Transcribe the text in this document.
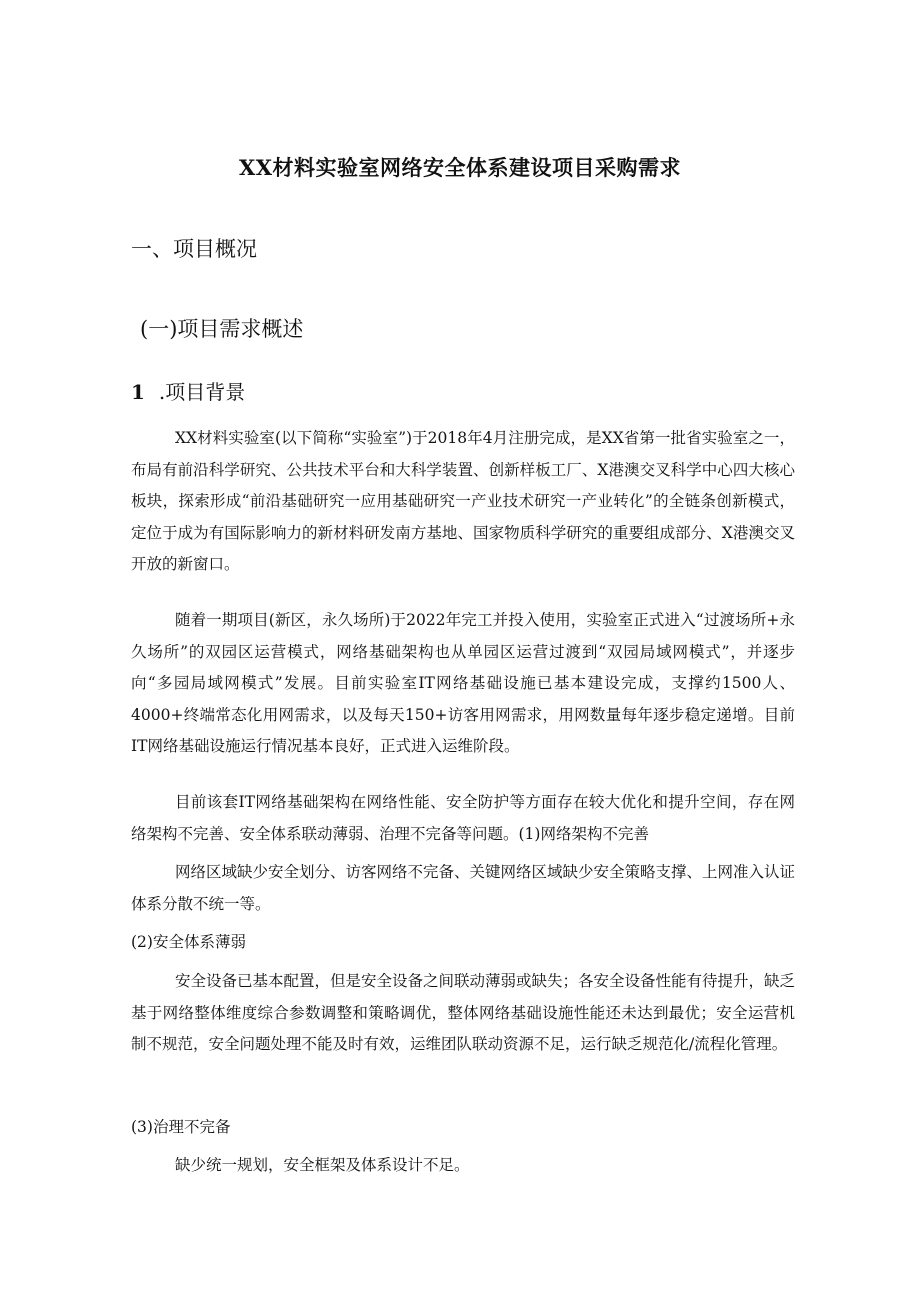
XX材料实验室网络安全体系建设项目采购需求
一、项目概况
(一)项目需求概述
1 .项目背景

XX材料实验室(以下简称“实验室”)于2018年4月注册完成，是XX省第一批省实验室之一，布局有前沿科学研究、公共技术平台和大科学装置、创新样板工厂、X港澳交叉科学中心四大核心板块，探索形成“前沿基础研究一应用基础研究一产业技术研究一产业转化”的全链条创新模式，定位于成为有国际影响力的新材料研发南方基地、国家物质科学研究的重要组成部分、X港澳交叉开放的新窗口。

随着一期项目(新区，永久场所)于2022年完工并投入使用，实验室正式进入“过渡场所+永久场所”的双园区运营模式，网络基础架构也从单园区运营过渡到“双园局域网模式”，并逐步向“多园局域网模式”发展。目前实验室IT网络基础设施已基本建设完成，支撑约1500人、4000+终端常态化用网需求，以及每天150+访客用网需求，用网数量每年逐步稳定递增。目前IT网络基础设施运行情况基本良好，正式进入运维阶段。

目前该套IT网络基础架构在网络性能、安全防护等方面存在较大优化和提升空间，存在网络架构不完善、安全体系联动薄弱、治理不完备等问题。(1)网络架构不完善

网络区域缺少安全划分、访客网络不完备、关键网络区域缺少安全策略支撑、上网准入认证体系分散不统一等。

(2)安全体系薄弱

安全设备已基本配置，但是安全设备之间联动薄弱或缺失；各安全设备性能有待提升，缺乏基于网络整体维度综合参数调整和策略调优，整体网络基础设施性能还未达到最优；安全运营机制不规范，安全问题处理不能及时有效，运维团队联动资源不足，运行缺乏规范化/流程化管理。

(3)治理不完备

缺少统一规划，安全框架及体系设计不足。
